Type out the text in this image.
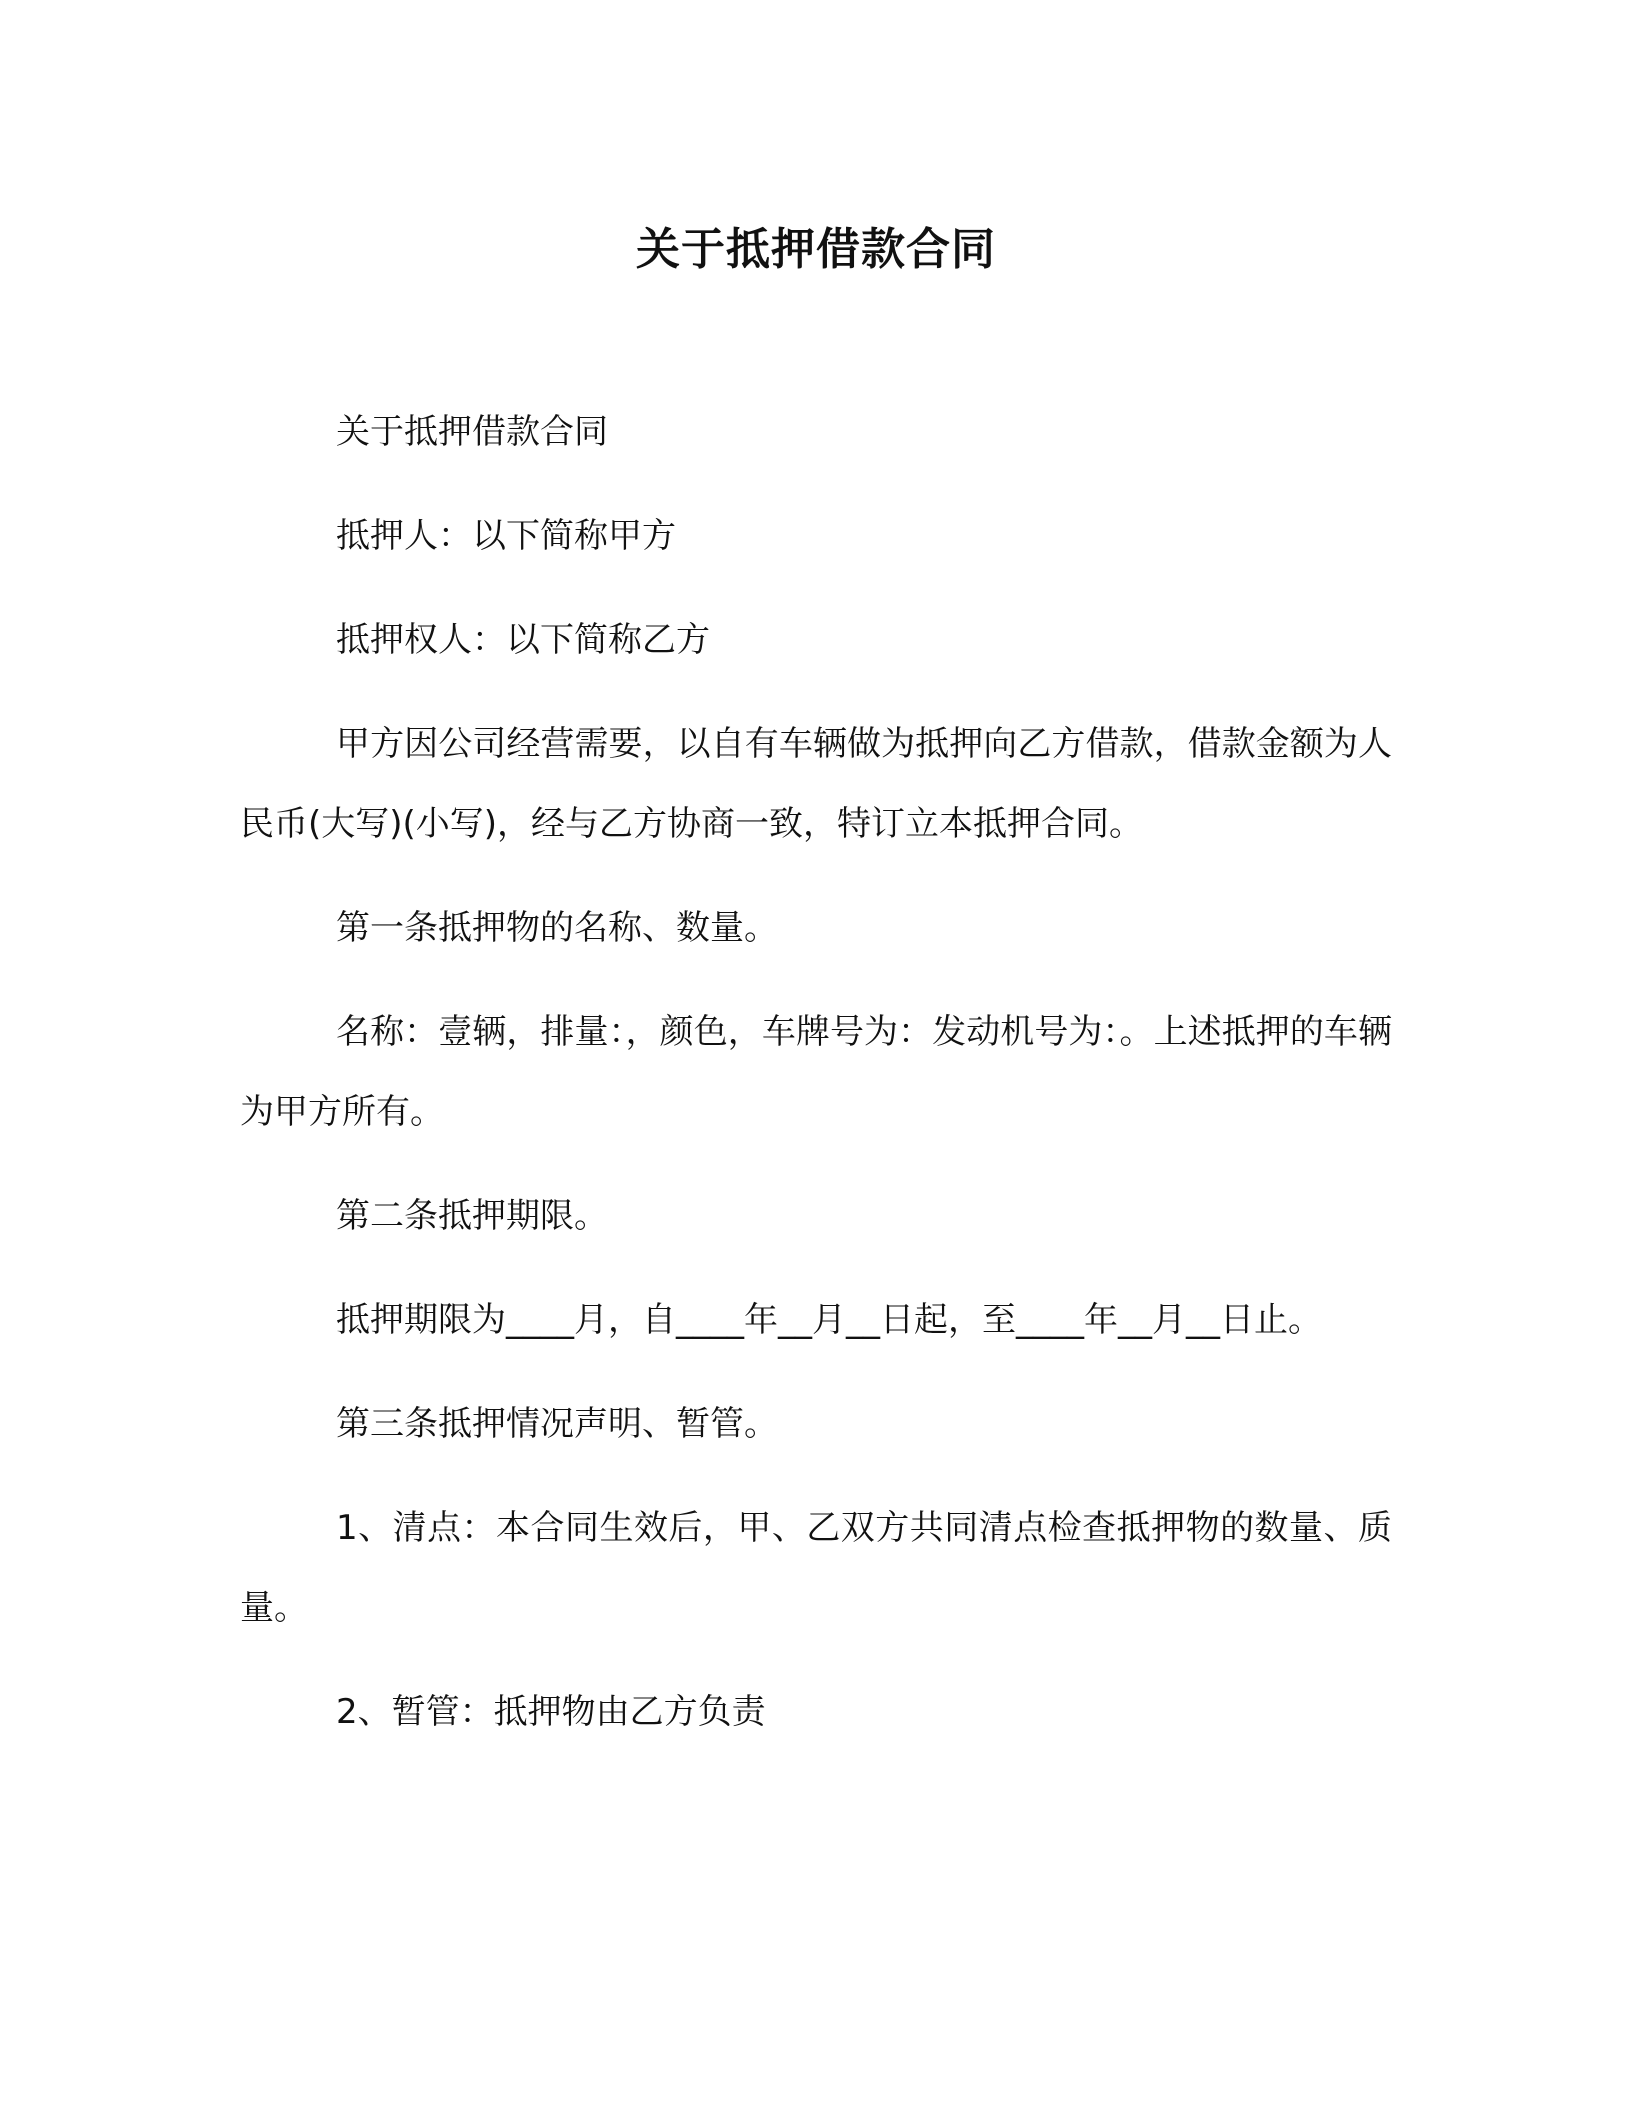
关于抵押借款合同

关于抵押借款合同

抵押人：以下简称甲方

抵押权人：以下简称乙方

甲方因公司经营需要，以自有车辆做为抵押向乙方借款，借款金额为人民币(大写)(小写)，经与乙方协商一致，特订立本抵押合同。

第一条抵押物的名称、数量。

名称：壹辆，排量：，颜色，车牌号为：发动机号为：。上述抵押的车辆为甲方所有。

第二条抵押期限。

抵押期限为____月，自____年__月__日起，至____年__月__日止。

第三条抵押情况声明、暂管。

1、清点：本合同生效后，甲、乙双方共同清点检查抵押物的数量、质量。

2、暂管：抵押物由乙方负责
